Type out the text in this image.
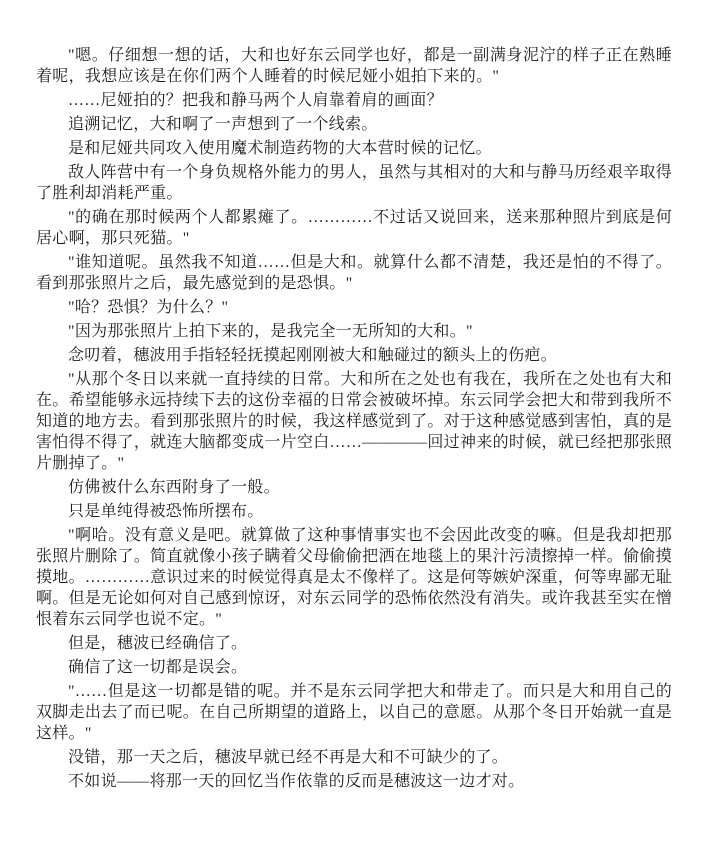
"嗯。仔细想一想的话，大和也好东云同学也好，都是一副满身泥泞的样子正在熟睡着呢，我想应该是在你们两个人睡着的时候尼娅小姐拍下来的。"

……尼娅拍的？把我和静马两个人肩靠着肩的画面？

追溯记忆，大和啊了一声想到了一个线索。

是和尼娅共同攻入使用魔术制造药物的大本营时候的记忆。

敌人阵营中有一个身负规格外能力的男人，虽然与其相对的大和与静马历经艰辛取得了胜利却消耗严重。

"的确在那时候两个人都累瘫了。…………不过话又说回来，送来那种照片到底是何居心啊，那只死猫。"

"谁知道呢。虽然我不知道……但是大和。就算什么都不清楚，我还是怕的不得了。看到那张照片之后，最先感觉到的是恐惧。"

"哈？恐惧？为什么？"

"因为那张照片上拍下来的，是我完全一无所知的大和。"

念叨着，穗波用手指轻轻抚摸起刚刚被大和触碰过的额头上的伤疤。

"从那个冬日以来就一直持续的日常。大和所在之处也有我在，我所在之处也有大和在。希望能够永远持续下去的这份幸福的日常会被破坏掉。东云同学会把大和带到我所不知道的地方去。看到那张照片的时候，我这样感觉到了。对于这种感觉感到害怕，真的是害怕得不得了，就连大脑都变成一片空白……————回过神来的时候，就已经把那张照片删掉了。"

仿佛被什么东西附身了一般。

只是单纯得被恐怖所摆布。

"啊哈。没有意义是吧。就算做了这种事情事实也不会因此改变的嘛。但是我却把那张照片删除了。简直就像小孩子瞒着父母偷偷把洒在地毯上的果汁污渍擦掉一样。偷偷摸摸地。…………意识过来的时候觉得真是太不像样了。这是何等嫉妒深重，何等卑鄙无耻啊。但是无论如何对自己感到惊讶，对东云同学的恐怖依然没有消失。或许我甚至实在憎恨着东云同学也说不定。"

但是，穗波已经确信了。

确信了这一切都是误会。

"……但是这一切都是错的呢。并不是东云同学把大和带走了。而只是大和用自己的双脚走出去了而已呢。在自己所期望的道路上，以自己的意愿。从那个冬日开始就一直是这样。"

没错，那一天之后，穗波早就已经不再是大和不可缺少的了。

不如说——将那一天的回忆当作依靠的反而是穗波这一边才对。
